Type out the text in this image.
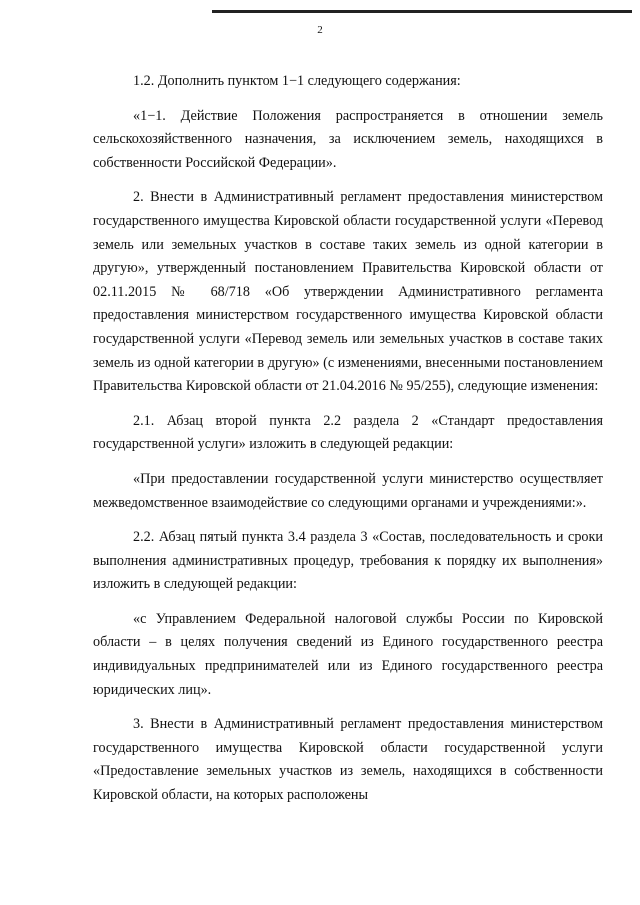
2

1.2. Дополнить пунктом 1−1 следующего содержания:

«1−1. Действие Положения распространяется в отношении земель сельскохозяйственного назначения, за исключением земель, находящихся в собственности Российской Федерации».

2. Внести в Административный регламент предоставления министерством государственного имущества Кировской области государственной услуги «Перевод земель или земельных участков в составе таких земель из одной категории в другую», утвержденный постановлением Правительства Кировской области от 02.11.2015 № 68/718 «Об утверждении Административного регламента предоставления министерством государственного имущества Кировской области государственной услуги «Перевод земель или земельных участков в составе таких земель из одной категории в другую» (с изменениями, внесенными постановлением Правительства Кировской области от 21.04.2016 № 95/255), следующие изменения:

2.1. Абзац второй пункта 2.2 раздела 2 «Стандарт предоставления государственной услуги» изложить в следующей редакции:

«При предоставлении государственной услуги министерство осуществляет межведомственное взаимодействие со следующими органами и учреждениями:».

2.2. Абзац пятый пункта 3.4 раздела 3 «Состав, последовательность и сроки выполнения административных процедур, требования к порядку их выполнения» изложить в следующей редакции:

«с Управлением Федеральной налоговой службы России по Кировской области – в целях получения сведений из Единого государственного реестра индивидуальных предпринимателей или из Единого государственного реестра юридических лиц».

3. Внести в Административный регламент предоставления министерством государственного имущества Кировской области государственной услуги «Предоставление земельных участков из земель, находящихся в собственности Кировской области, на которых расположены
